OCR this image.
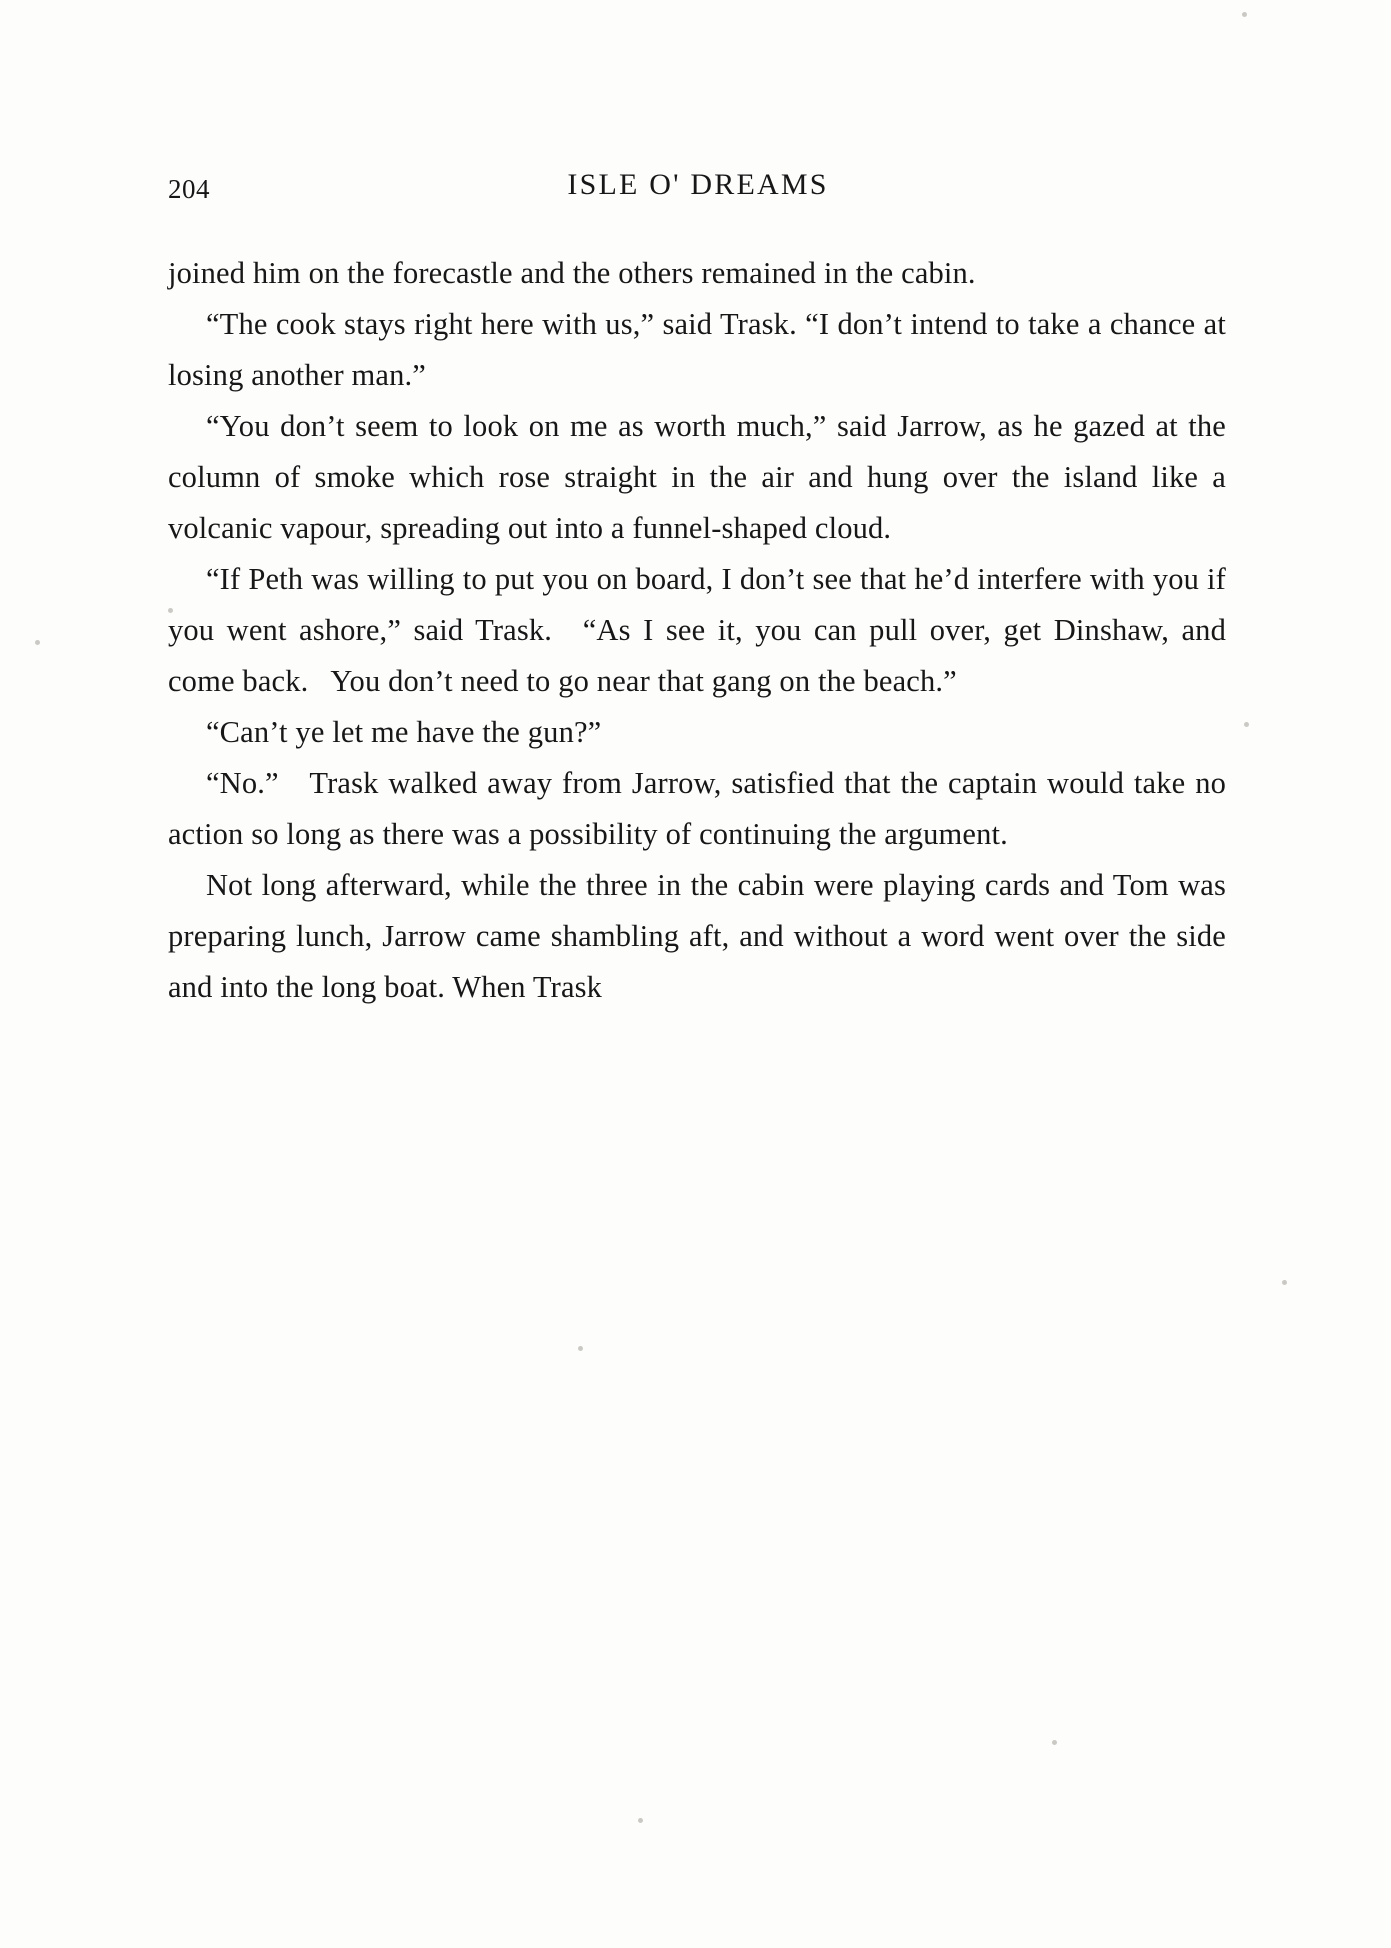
204	ISLE O' DREAMS

joined him on the forecastle and the others remained in the cabin.

“The cook stays right here with us,” said Trask. “I don’t intend to take a chance at losing another man.”

“You don’t seem to look on me as worth much,” said Jarrow, as he gazed at the column of smoke which rose straight in the air and hung over the island like a volcanic vapour, spreading out into a funnel-shaped cloud.

“If Peth was willing to put you on board, I don’t see that he’d interfere with you if you went ashore,” said Trask. “As I see it, you can pull over, get Dinshaw, and come back.  You don’t need to go near that gang on the beach.”

“Can’t ye let me have the gun?”

“No.” Trask walked away from Jarrow, satisfied that the captain would take no action so long as there was a possibility of continuing the argument.

Not long afterward, while the three in the cabin were playing cards and Tom was preparing lunch, Jarrow came shambling aft, and without a word went over the side and into the long boat. When Trask
